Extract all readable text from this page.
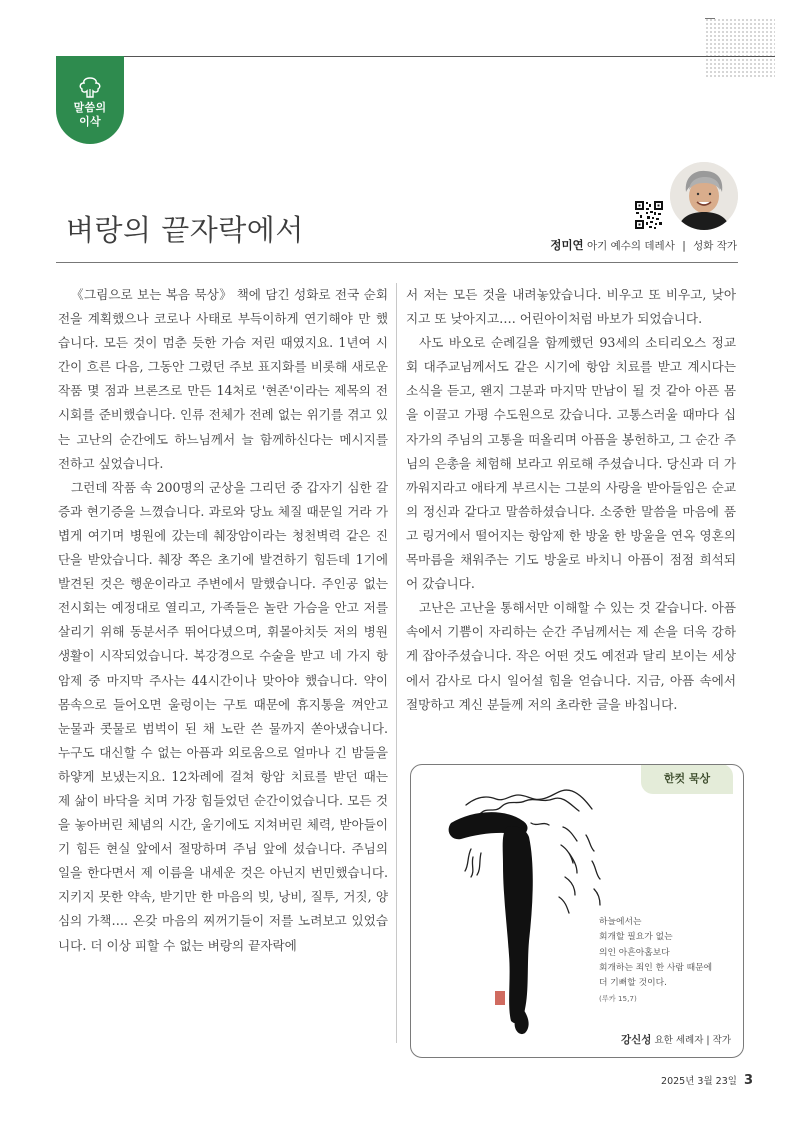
말씀의
이삭
벼랑의 끝자락에서	정미연 아기 예수의 데레사 | 성화 작가

《그림으로 보는 복음 묵상》 책에 담긴 성화로 전국 순회전을 계획했으나 코로나 사태로 부득이하게 연기해야 만 했습니다. 모든 것이 멈춘 듯한 가슴 저린 때였지요. 1년여 시간이 흐른 다음, 그동안 그렸던 주보 표지화를 비롯해 새로운 작품 몇 점과 브론즈로 만든 14처로 '현존'이라는 제목의 전시회를 준비했습니다. 인류 전체가 전례 없는 위기를 겪고 있는 고난의 순간에도 하느님께서 늘 함께하신다는 메시지를 전하고 싶었습니다.

그런데 작품 속 200명의 군상을 그리던 중 갑자기 심한 갈증과 현기증을 느꼈습니다. 과로와 당뇨 체질 때문일 거라 가볍게 여기며 병원에 갔는데 췌장암이라는 청천벽력 같은 진단을 받았습니다. 췌장 쪽은 초기에 발견하기 힘든데 1기에 발견된 것은 행운이라고 주변에서 말했습니다. 주인공 없는 전시회는 예정대로 열리고, 가족들은 놀란 가슴을 안고 저를 살리기 위해 동분서주 뛰어다녔으며, 휘몰아치듯 저의 병원 생활이 시작되었습니다. 복강경으로 수술을 받고 네 가지 항암제 중 마지막 주사는 44시간이나 맞아야 했습니다. 약이 몸속으로 들어오면 울렁이는 구토 때문에 휴지통을 껴안고 눈물과 콧물로 범벅이 된 채 노란 쓴 물까지 쏟아냈습니다. 누구도 대신할 수 없는 아픔과 외로움으로 얼마나 긴 밤들을 하얗게 보냈는지요. 12차례에 걸쳐 항암 치료를 받던 때는 제 삶이 바닥을 치며 가장 힘들었던 순간이었습니다. 모든 것을 놓아버린 체념의 시간, 울기에도 지쳐버린 체력, 받아들이기 힘든 현실 앞에서 절망하며 주님 앞에 섰습니다. 주님의 일을 한다면서 제 이름을 내세운 것은 아닌지 번민했습니다. 지키지 못한 약속, 받기만 한 마음의 빚, 낭비, 질투, 거짓, 양심의 가책…. 온갖 마음의 찌꺼기들이 저를 노려보고 있었습니다. 더 이상 피할 수 없는 벼랑의 끝자락에

서 저는 모든 것을 내려놓았습니다. 비우고 또 비우고, 낮아지고 또 낮아지고…. 어린아이처럼 바보가 되었습니다.

사도 바오로 순례길을 함께했던 93세의 소티리오스 정교회 대주교님께서도 같은 시기에 항암 치료를 받고 계시다는 소식을 듣고, 왠지 그분과 마지막 만남이 될 것 같아 아픈 몸을 이끌고 가평 수도원으로 갔습니다. 고통스러울 때마다 십자가의 주님의 고통을 떠올리며 아픔을 봉헌하고, 그 순간 주님의 은총을 체험해 보라고 위로해 주셨습니다. 당신과 더 가까워지라고 애타게 부르시는 그분의 사랑을 받아들임은 순교의 정신과 같다고 말씀하셨습니다. 소중한 말씀을 마음에 품고 링거에서 떨어지는 항암제 한 방울 한 방울을 연옥 영혼의 목마름을 채워주는 기도 방울로 바치니 아픔이 점점 희석되어 갔습니다.

고난은 고난을 통해서만 이해할 수 있는 것 같습니다. 아픔 속에서 기쁨이 자리하는 순간 주님께서는 제 손을 더욱 강하게 잡아주셨습니다. 작은 어떤 것도 예전과 달리 보이는 세상에서 감사로 다시 일어설 힘을 얻습니다. 지금, 아픔 속에서 절망하고 계신 분들께 저의 초라한 글을 바칩니다.

한컷 묵상
하늘에서는
회개할 필요가 없는
의인 아흔아홉보다
회개하는 죄인 한 사람 때문에
더 기뻐할 것이다.
(루카 15,7)
강신성 요한 세례자 | 작가
2025년 3월 23일 3
